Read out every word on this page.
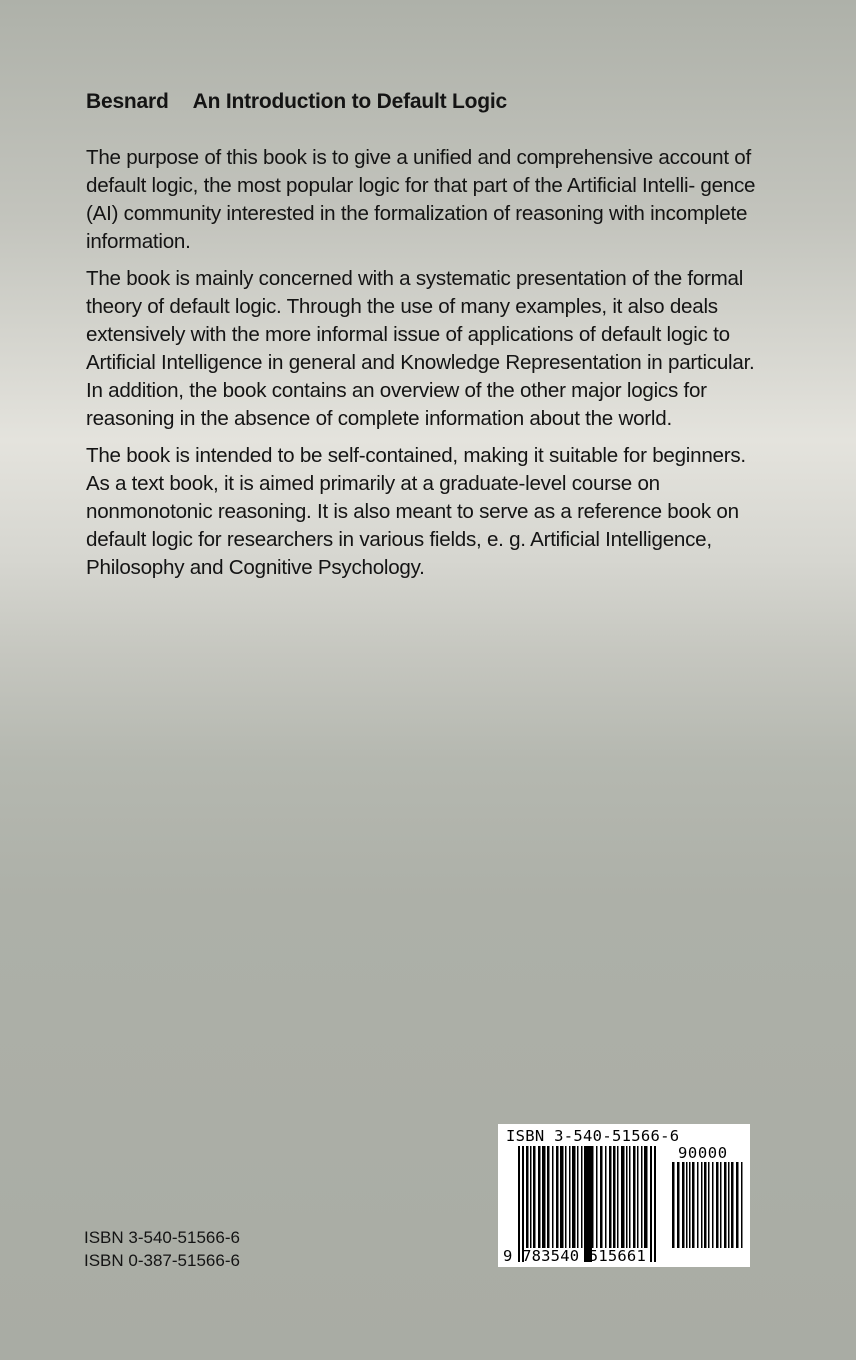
Besnard An Introduction to Default Logic

The purpose of this book is to give a unified and comprehensive account of default logic, the most popular logic for that part of the Artificial Intelli- gence (AI) community interested in the formalization of reasoning with incomplete information.

The book is mainly concerned with a systematic presentation of the formal theory of default logic. Through the use of many examples, it also deals extensively with the more informal issue of applications of default logic to Artificial Intelligence in general and Knowledge Representation in particular. In addition, the book contains an overview of the other major logics for reasoning in the absence of complete information about the world.

The book is intended to be self-contained, making it suitable for beginners. As a text book, it is aimed primarily at a graduate-level course on nonmonotonic reasoning. It is also meant to serve as a reference book on default logic for researchers in various fields, e. g. Artificial Intelligence, Philosophy and Cognitive Psychology.

ISBN 3-540-51566-6
ISBN 0-387-51566-6
ISBN 3-540-51566-6
90000
9 783540 515661
